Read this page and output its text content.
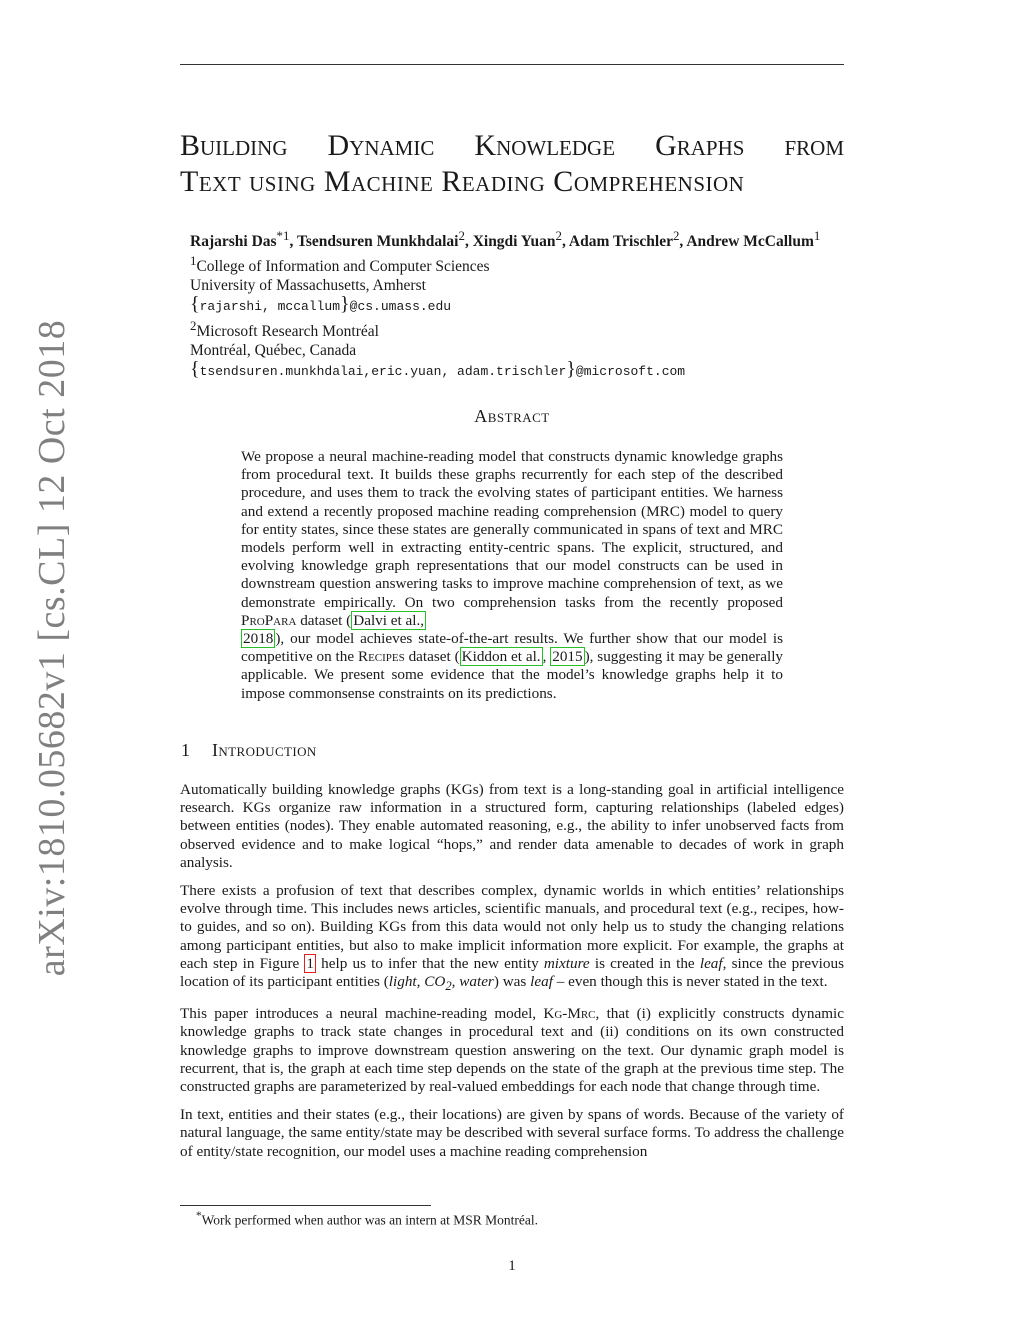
arXiv:1810.05682v1 [cs.CL] 12 Oct 2018
Building Dynamic Knowledge Graphs from
Text using Machine Reading Comprehension
Rajarshi Das$^{*1}$, Tsendsuren Munkhdalai$^2$, Xingdi Yuan$^2$, Adam Trischler$^2$, Andrew McCallum$^1$
$^1$College of Information and Computer Sciences
University of Massachusetts, Amherst
{rajarshi, mccallum}@cs.umass.edu
$^2$Microsoft Research Montréal
Montréal, Québec, Canada
{tsendsuren.munkhdalai,eric.yuan, adam.trischler}@microsoft.com
Abstract

We propose a neural machine-reading model that constructs dynamic knowledge graphs from procedural text. It builds these graphs recurrently for each step of the described procedure, and uses them to track the evolving states of participant entities. We harness and extend a recently proposed machine reading comprehension (MRC) model to query for entity states, since these states are generally communicated in spans of text and MRC models perform well in extracting entity-centric spans. The explicit, structured, and evolving knowledge graph representations that our model constructs can be used in downstream question answering tasks to improve machine comprehension of text, as we demonstrate empirically. On two comprehension tasks from the recently proposed ProPara dataset ( Dalvi et al.,
2018 ), our model achieves state-of-the-art results. We further show that our model is competitive on the Recipes dataset ( Kiddon et al. , 2015 ), suggesting it may be generally applicable. We present some evidence that the model’s knowledge graphs help it to impose commonsense constraints on its predictions.

1 Introduction

Automatically building knowledge graphs (KGs) from text is a long-standing goal in artificial intelligence research. KGs organize raw information in a structured form, capturing relationships (labeled edges) between entities (nodes). They enable automated reasoning, e.g., the ability to infer unobserved facts from observed evidence and to make logical “hops,” and render data amenable to decades of work in graph analysis.

There exists a profusion of text that describes complex, dynamic worlds in which entities’ relationships evolve through time. This includes news articles, scientific manuals, and procedural text (e.g., recipes, how-to guides, and so on). Building KGs from this data would not only help us to study the changing relations among participant entities, but also to make implicit information more explicit. For example, the graphs at each step in Figure 1 help us to infer that the new entity mixture is created in the leaf, since the previous location of its participant entities (light, $CO_2$, water) was leaf – even though this is never stated in the text.

This paper introduces a neural machine-reading model, Kg-Mrc, that (i) explicitly constructs dynamic knowledge graphs to track state changes in procedural text and (ii) conditions on its own constructed knowledge graphs to improve downstream question answering on the text. Our dynamic graph model is recurrent, that is, the graph at each time step depends on the state of the graph at the previous time step. The constructed graphs are parameterized by real-valued embeddings for each node that change through time.

In text, entities and their states (e.g., their locations) are given by spans of words. Because of the variety of natural language, the same entity/state may be described with several surface forms. To address the challenge of entity/state recognition, our model uses a machine reading comprehension

*Work performed when author was an intern at MSR Montréal.
1
